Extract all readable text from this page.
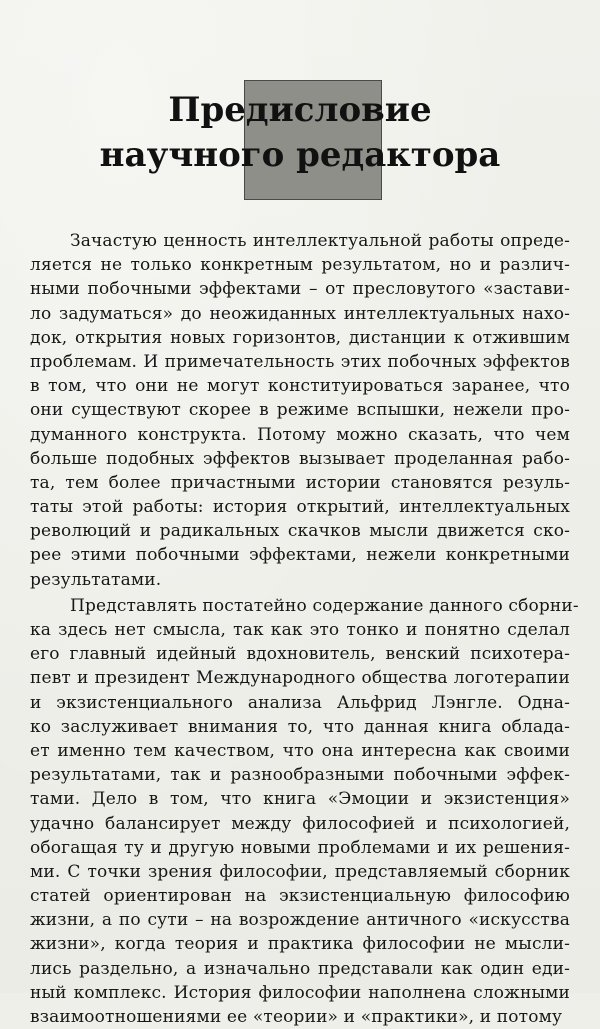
Предисловие
научного редактора
Зачастую ценность интеллектуальной работы опреде-
ляется не только конкретным результатом, но и различ-
ными побочными эффектами – от пресловутого «застави-
ло задуматься» до неожиданных интеллектуальных нахо-
док, открытия новых горизонтов, дистанции к отжившим
проблемам. И примечательность этих побочных эффектов
в том, что они не могут конституироваться заранее, что
они существуют скорее в режиме вспышки, нежели про-
думанного конструкта. Потому можно сказать, что чем
больше подобных эффектов вызывает проделанная рабо-
та, тем более причастными истории становятся резуль-
таты этой работы: история открытий, интеллектуальных
революций и радикальных скачков мысли движется ско-
рее этими побочными эффектами, нежели конкретными
результатами.
Представлять постатейно содержание данного сборни-
ка здесь нет смысла, так как это тонко и понятно сделал
его главный идейный вдохновитель, венский психотера-
певт и президент Международного общества логотерапии
и экзистенциального анализа Альфрид Лэнгле. Одна-
ко заслуживает внимания то, что данная книга облада-
ет именно тем качеством, что она интересна как своими
результатами, так и разнообразными побочными эффек-
тами. Дело в том, что книга «Эмоции и экзистенция»
удачно балансирует между философией и психологией,
обогащая ту и другую новыми проблемами и их решения-
ми. С точки зрения философии, представляемый сборник
статей ориентирован на экзистенциальную философию
жизни, а по сути – на возрождение античного «искусства
жизни», когда теория и практика философии не мысли-
лись раздельно, а изначально представали как один еди-
ный комплекс. История философии наполнена сложными
взаимоотношениями ее «теории» и «практики», и потому
